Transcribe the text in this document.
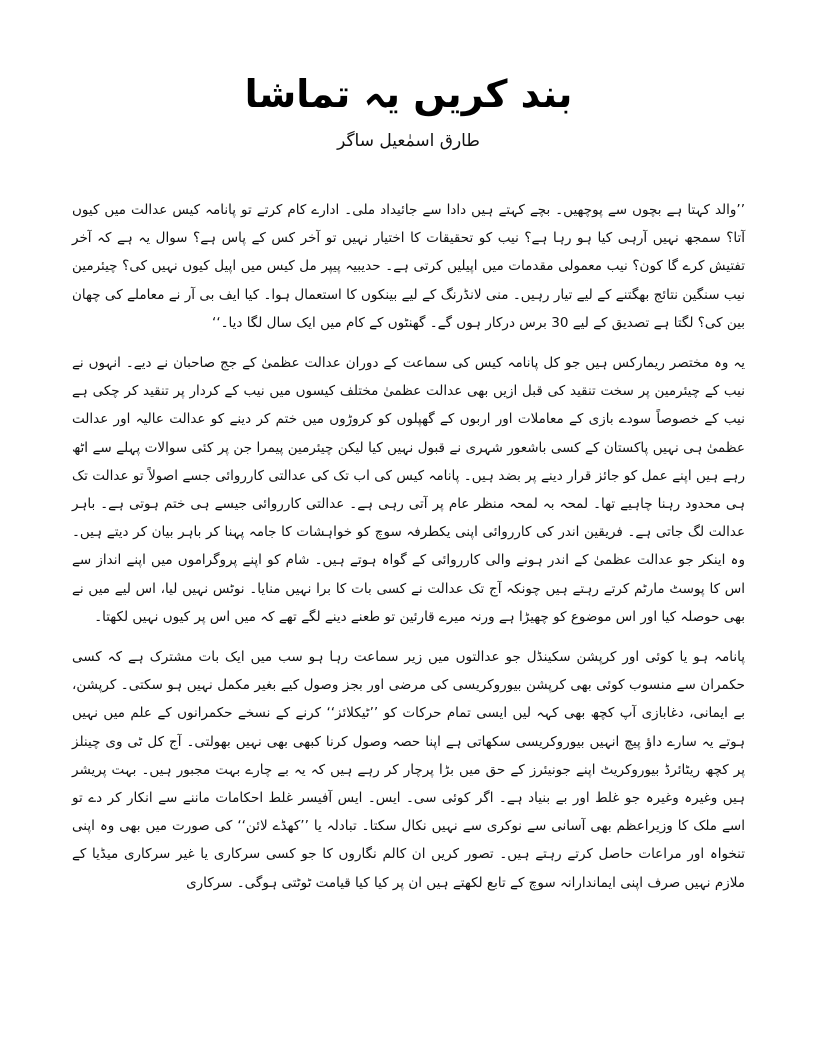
بند کریں یہ تماشا
طارق اسمٰعیل ساگر

’’والد کہتا ہے بچوں سے پوچھیں۔ بچے کہتے ہیں دادا سے جائیداد ملی۔ ادارے کام کرتے تو پانامہ کیس عدالت میں کیوں آتا؟ سمجھ نہیں آرہی کیا ہو رہا ہے؟ نیب کو تحقیقات کا اختیار نہیں تو آخر کس کے پاس ہے؟ سوال یہ ہے کہ آخر تفتیش کرے گا کون؟ نیب معمولی مقدمات میں اپیلیں کرتی ہے۔ حدیبیہ پیپر مل کیس میں اپیل کیوں نہیں کی؟ چیئرمین نیب سنگین نتائج بھگتنے کے لیے تیار رہیں۔ منی لانڈرنگ کے لیے بینکوں کا استعمال ہوا۔ کیا ایف بی آر نے معاملے کی چھان بین کی؟ لگتا ہے تصدیق کے لیے 30 برس درکار ہوں گے۔ گھنٹوں کے کام میں ایک سال لگا دیا۔‘‘

یہ وہ مختصر ریمارکس ہیں جو کل پانامہ کیس کی سماعت کے دوران عدالت عظمیٰ کے جج صاحبان نے دیے۔ انہوں نے نیب کے چیئرمین پر سخت تنقید کی قبل ازیں بھی عدالت عظمیٰ مختلف کیسوں میں نیب کے کردار پر تنقید کر چکی ہے نیب کے خصوصاً سودے بازی کے معاملات اور اربوں کے گھپلوں کو کروڑوں میں ختم کر دینے کو عدالت عالیہ اور عدالت عظمیٰ ہی نہیں پاکستان کے کسی باشعور شہری نے قبول نہیں کیا لیکن چیئرمین پیمرا جن پر کئی سوالات پہلے سے اٹھ رہے ہیں اپنے عمل کو جائز قرار دینے پر بضد ہیں۔ پانامہ کیس کی اب تک کی عدالتی کارروائی جسے اصولاً تو عدالت تک ہی محدود رہنا چاہیے تھا۔ لمحہ بہ لمحہ منظر عام پر آتی رہی ہے۔ عدالتی کارروائی جیسے ہی ختم ہوتی ہے۔ باہر عدالت لگ جاتی ہے۔ فریقین اندر کی کارروائی اپنی یکطرفہ سوچ کو خواہشات کا جامہ پہنا کر باہر بیان کر دیتے ہیں۔ وہ اینکر جو عدالت عظمیٰ کے اندر ہونے والی کارروائی کے گواہ ہوتے ہیں۔ شام کو اپنے پروگراموں میں اپنے انداز سے اس کا پوسٹ مارٹم کرتے رہتے ہیں چونکہ آج تک عدالت نے کسی بات کا برا نہیں منایا۔ نوٹس نہیں لیا، اس لیے میں نے بھی حوصلہ کیا اور اس موضوع کو چھیڑا ہے ورنہ میرے قارئین تو طعنے دینے لگے تھے کہ میں اس پر کیوں نہیں لکھتا۔

پانامہ ہو یا کوئی اور کرپشن سکینڈل جو عدالتوں میں زیر سماعت رہا ہو سب میں ایک بات مشترک ہے کہ کسی حکمران سے منسوب کوئی بھی کرپشن بیوروکریسی کی مرضی اور بجز وصول کیے بغیر مکمل نہیں ہو سکتی۔ کرپشن، بے ایمانی، دغابازی آپ کچھ بھی کہہ لیں ایسی تمام حرکات کو ’’ٹیکلائز‘‘ کرنے کے نسخے حکمرانوں کے علم میں نہیں ہوتے یہ سارے داؤ پیچ انہیں بیوروکریسی سکھاتی ہے اپنا حصہ وصول کرنا کبھی بھی نہیں بھولتی۔ آج کل ٹی وی چینلز پر کچھ ریٹائرڈ بیوروکریٹ اپنے جونیئرز کے حق میں بڑا پرچار کر رہے ہیں کہ یہ بے چارے بہت مجبور ہیں۔ بہت پریشر ہیں وغیرہ وغیرہ جو غلط اور بے بنیاد ہے۔ اگر کوئی سی۔ ایس۔ ایس آفیسر غلط احکامات ماننے سے انکار کر دے تو اسے ملک کا وزیراعظم بھی آسانی سے نوکری سے نہیں نکال سکتا۔ تبادلہ یا ’’کھڈے لائن‘‘ کی صورت میں بھی وہ اپنی تنخواہ اور مراعات حاصل کرتے رہتے ہیں۔ تصور کریں ان کالم نگاروں کا جو کسی سرکاری یا غیر سرکاری میڈیا کے ملازم نہیں صرف اپنی ایماندارانہ سوچ کے تابع لکھتے ہیں ان پر کیا کیا قیامت ٹوٹتی ہوگی۔ سرکاری
